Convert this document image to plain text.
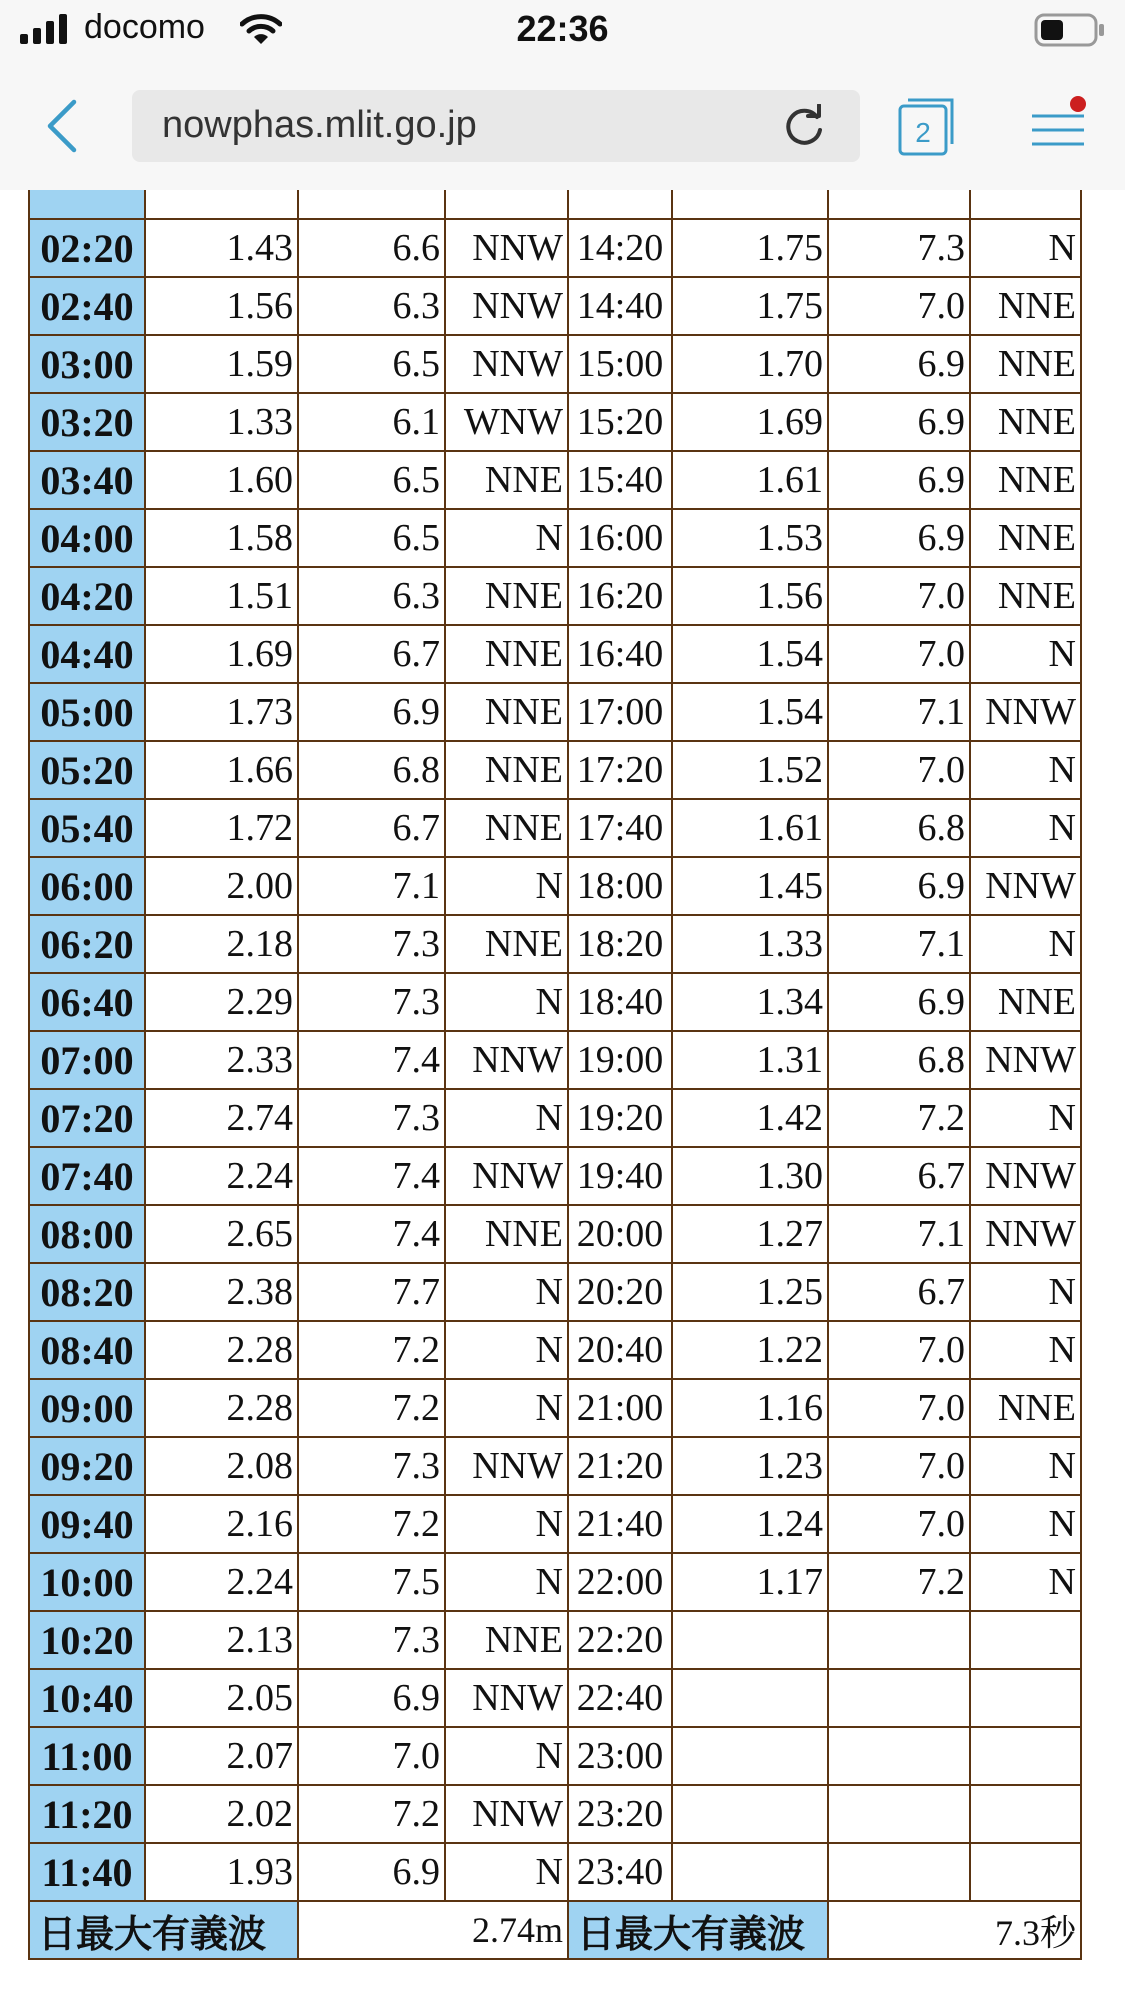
docomo	22:36
nowphas.mlit.go.jp	2

02:20	1.43	6.6	NNW	14:20	1.75	7.3	N
02:40	1.56	6.3	NNW	14:40	1.75	7.0	NNE
03:00	1.59	6.5	NNW	15:00	1.70	6.9	NNE
03:20	1.33	6.1	WNW	15:20	1.69	6.9	NNE
03:40	1.60	6.5	NNE	15:40	1.61	6.9	NNE
04:00	1.58	6.5	N	16:00	1.53	6.9	NNE
04:20	1.51	6.3	NNE	16:20	1.56	7.0	NNE
04:40	1.69	6.7	NNE	16:40	1.54	7.0	N
05:00	1.73	6.9	NNE	17:00	1.54	7.1	NNW
05:20	1.66	6.8	NNE	17:20	1.52	7.0	N
05:40	1.72	6.7	NNE	17:40	1.61	6.8	N
06:00	2.00	7.1	N	18:00	1.45	6.9	NNW
06:20	2.18	7.3	NNE	18:20	1.33	7.1	N
06:40	2.29	7.3	N	18:40	1.34	6.9	NNE
07:00	2.33	7.4	NNW	19:00	1.31	6.8	NNW
07:20	2.74	7.3	N	19:20	1.42	7.2	N
07:40	2.24	7.4	NNW	19:40	1.30	6.7	NNW
08:00	2.65	7.4	NNE	20:00	1.27	7.1	NNW
08:20	2.38	7.7	N	20:20	1.25	6.7	N
08:40	2.28	7.2	N	20:40	1.22	7.0	N
09:00	2.28	7.2	N	21:00	1.16	7.0	NNE
09:20	2.08	7.3	NNW	21:20	1.23	7.0	N
09:40	2.16	7.2	N	21:40	1.24	7.0	N
10:00	2.24	7.5	N	22:00	1.17	7.2	N
10:20	2.13	7.3	NNE	22:20			
10:40	2.05	6.9	NNW	22:40			
11:00	2.07	7.0	N	23:00			
11:20	2.02	7.2	NNW	23:20			
11:40	1.93	6.9	N	23:40			
日最大有義波		2.74m		日最大有義波		7.3秒	
